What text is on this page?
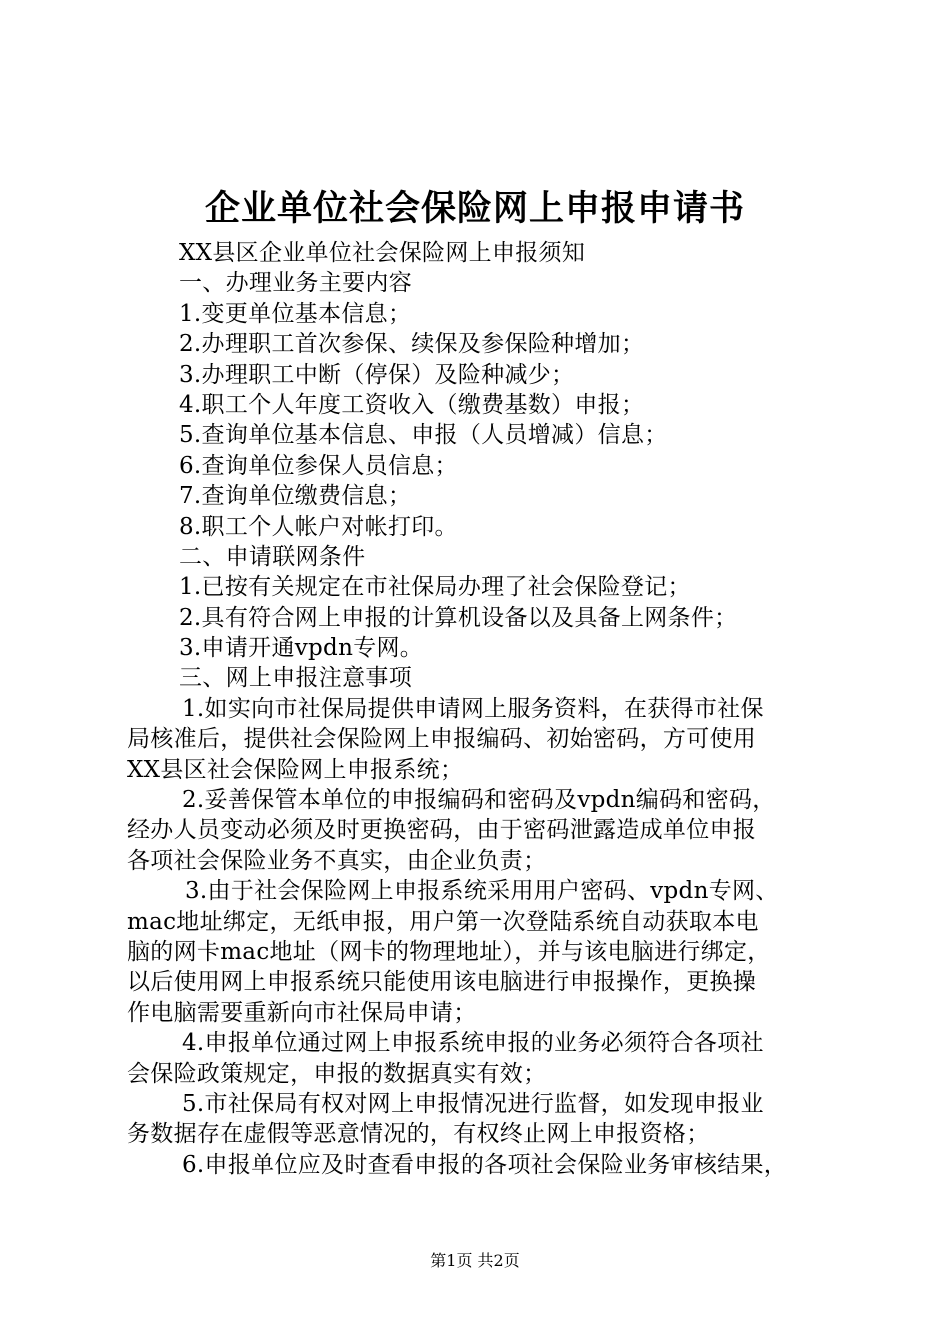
企业单位社会保险网上申报申请书
XX县区企业单位社会保险网上申报须知
一、办理业务主要内容
1.变更单位基本信息；
2.办理职工首次参保、续保及参保险种增加；
3.办理职工中断（停保）及险种减少；
4.职工个人年度工资收入（缴费基数）申报；
5.查询单位基本信息、申报（人员增减）信息；
6.查询单位参保人员信息；
7.查询单位缴费信息；
8.职工个人帐户对帐打印。
二、申请联网条件
1.已按有关规定在市社保局办理了社会保险登记；
2.具有符合网上申报的计算机设备以及具备上网条件；
3.申请开通vpdn专网。
三、网上申报注意事项
1.如实向市社保局提供申请网上服务资料，在获得市社保
局核准后，提供社会保险网上申报编码、初始密码，方可使用
XX县区社会保险网上申报系统；
2.妥善保管本单位的申报编码和密码及vpdn编码和密码，
经办人员变动必须及时更换密码，由于密码泄露造成单位申报
各项社会保险业务不真实，由企业负责；
3.由于社会保险网上申报系统采用用户密码、vpdn专网、
mac地址绑定，无纸申报，用户第一次登陆系统自动获取本电
脑的网卡mac地址（网卡的物理地址），并与该电脑进行绑定，
以后使用网上申报系统只能使用该电脑进行申报操作，更换操
作电脑需要重新向市社保局申请；
4.申报单位通过网上申报系统申报的业务必须符合各项社
会保险政策规定，申报的数据真实有效；
5.市社保局有权对网上申报情况进行监督，如发现申报业
务数据存在虚假等恶意情况的，有权终止网上申报资格；
6.申报单位应及时查看申报的各项社会保险业务审核结果，
第1页 共2页
